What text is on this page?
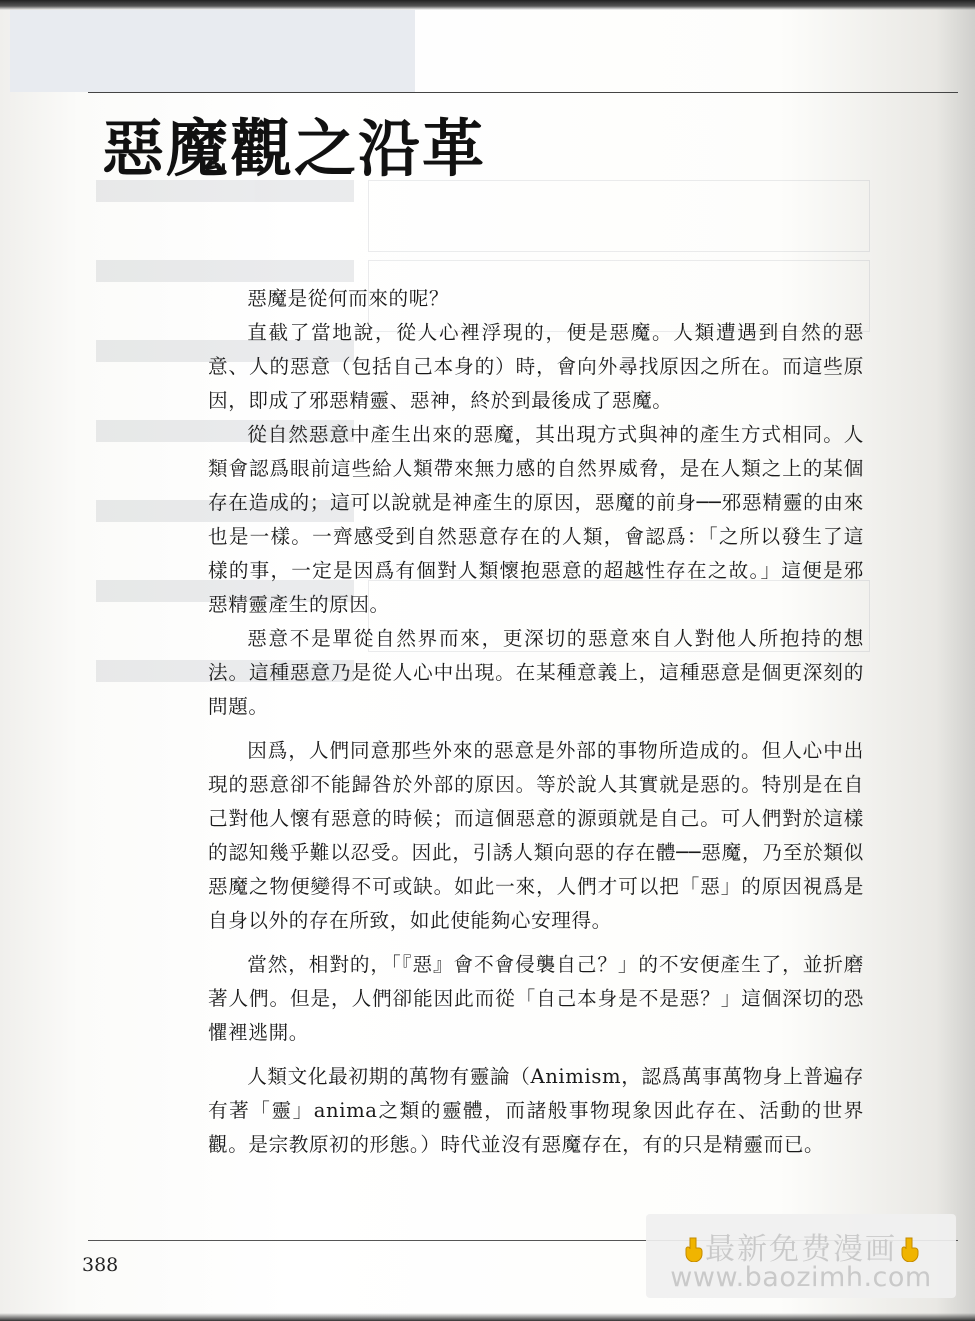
惡魔觀之沿革

惡魔是從何而來的呢？

直截了當地說，從人心裡浮現的，便是惡魔。人類遭遇到自然的惡意、人的惡意（包括自己本身的）時，會向外尋找原因之所在。而這些原因，即成了邪惡精靈、惡神，終於到最後成了惡魔。

從自然惡意中產生出來的惡魔，其出現方式與神的產生方式相同。人類會認爲眼前這些給人類帶來無力感的自然界威脅，是在人類之上的某個存在造成的；這可以說就是神產生的原因，惡魔的前身──邪惡精靈的由來也是一樣。一齊感受到自然惡意存在的人類，會認爲：「之所以發生了這樣的事，一定是因爲有個對人類懷抱惡意的超越性存在之故。」這便是邪惡精靈產生的原因。

惡意不是單從自然界而來，更深切的惡意來自人對他人所抱持的想法。這種惡意乃是從人心中出現。在某種意義上，這種惡意是個更深刻的問題。

因爲，人們同意那些外來的惡意是外部的事物所造成的。但人心中出現的惡意卻不能歸咎於外部的原因。等於說人其實就是惡的。特別是在自己對他人懷有惡意的時候；而這個惡意的源頭就是自己。可人們對於這樣的認知幾乎難以忍受。因此，引誘人類向惡的存在體──惡魔，乃至於類似惡魔之物便變得不可或缺。如此一來，人們才可以把「惡」的原因視爲是自身以外的存在所致，如此使能夠心安理得。

當然，相對的，「『惡』會不會侵襲自己？」的不安便產生了，並折磨著人們。但是，人們卻能因此而從「自己本身是不是惡？」這個深切的恐懼裡逃開。

人類文化最初期的萬物有靈論（Animism，認爲萬事萬物身上普遍存有著「靈」anima之類的靈體，而諸般事物現象因此存在、活動的世界觀。是宗教原初的形態。）時代並沒有惡魔存在，有的只是精靈而已。

388	最新免费漫画
www.baozimh.com
